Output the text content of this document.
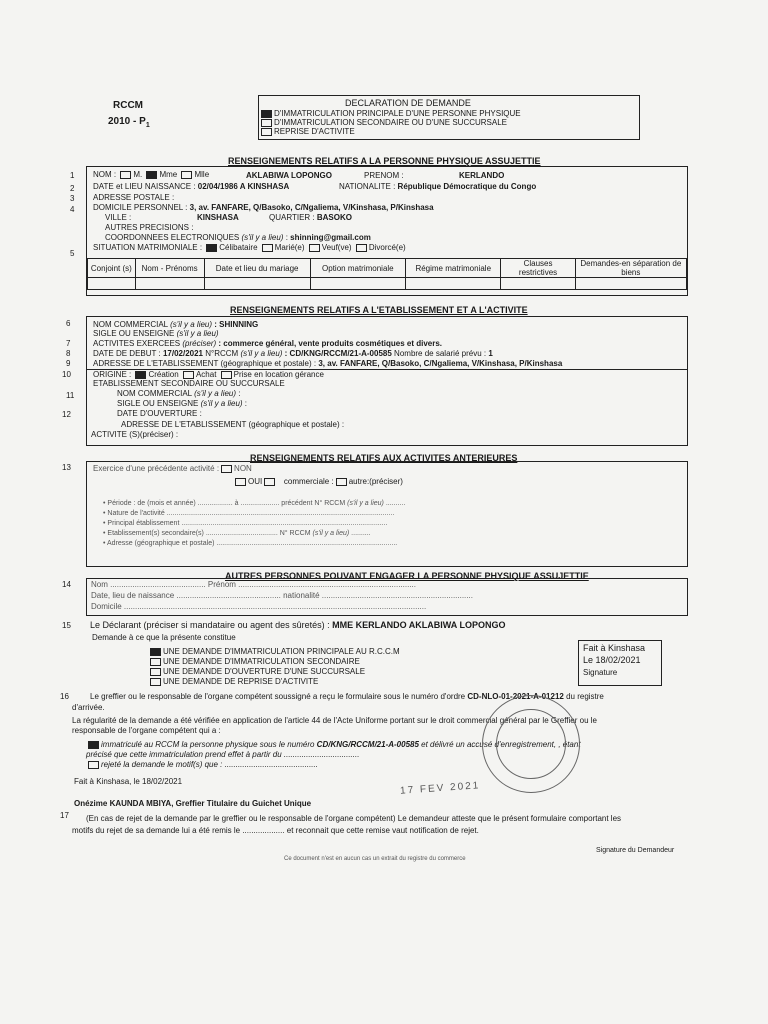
RCCM
$2010 - P_1$
DECLARATION DE DEMANDE
D'IMMATRICULATION PRINCIPALE D'UNE PERSONNE PHYSIQUE
D'IMMATRICULATION SECONDAIRE OU D'UNE SUCCURSALE
REPRISE D'ACTIVITE
RENSEIGNEMENTS RELATIFS A LA PERSONNE PHYSIQUE ASSUJETTIE
1
2
3
4
5
NOM : M. Mme Mlle	AKLABIWA LOPONGO	PRENOM :	KERLANDO
DATE et LIEU NAISSANCE : 02/04/1986 A KINSHASA	NATIONALITE : République Démocratique du Congo
ADRESSE POSTALE :
DOMICILE PERSONNEL : 3, av. FANFARE, Q/Basoko, C/Ngaliema, V/Kinshasa, P/Kinshasa
VILLE :	KINSHASA	QUARTIER : BASOKO
AUTRES PRECISIONS :
COORDONNEES ELECTRONIQUES (s'il y a lieu) : shinning@gmail.com
SITUATION MATRIMONIALE : Célibataire Marié(e) Veuf(ve) Divorcé(e)
Conjoint (s)	Nom - Prénoms	Date et lieu du mariage	Option matrimoniale	Régime matrimoniale	Clauses restrictives	Demandes-en séparation de biens

RENSEIGNEMENTS RELATIFS A L'ETABLISSEMENT ET A L'ACTIVITE
6
7
8
9
10
11
12
NOM COMMERCIAL (s'il y a lieu) : SHINNING
SIGLE OU ENSEIGNE (s'il y a lieu)
ACTIVITES EXERCEES (préciser) : commerce général, vente produits cosmétiques et divers.
DATE DE DEBUT : 17/02/2021 N°RCCM (s'il y a lieu) : CD/KNG/RCCM/21-A-00585 Nombre de salarié prévu : 1
ADRESSE DE L'ETABLISSEMENT (géographique et postale) : 3, av. FANFARE, Q/Basoko, C/Ngaliema, V/Kinshasa, P/Kinshasa
ORIGINE : Création Achat Prise en location gérance
ETABLISSEMENT SECONDAIRE OU SUCCURSALE
NOM COMMERCIAL (s'il y a lieu) :
SIGLE OU ENSEIGNE (s'il y a lieu) :
DATE D'OUVERTURE :
ADRESSE DE L'ETABLISSEMENT (géographique et postale) :
ACTIVITE (S)(préciser) :
RENSEIGNEMENTS RELATIFS AUX ACTIVITES ANTERIEURES
13	Exercice d'une précédente activité : NON
OUI	commerciale : autre:(préciser)
• Période : de (mois et année) .................. à .................... précédent N° RCCM (s'il y a lieu) ..........
• Nature de l'activité .....................................................................................................................
• Principal établissement ..........................................................................................................
• Etablissement(s) secondaire(s) ..................................... N° RCCM (s'il y a lieu) ..........
• Adresse (géographique et postale) .............................................................................................
AUTRES PERSONNES POUVANT ENGAGER LA PERSONNE PHYSIQUE ASSUJETTIE
14	Nom ........................................... Prénom ................................................................................
Date, lieu de naissance ............................................... nationalité ....................................................................
Domicile ........................................................................................................................................
15 Le Déclarant (préciser si mandataire ou agent des sûretés) : MME KERLANDO AKLABIWA LOPONGO
Demande à ce que la présente constitue
UNE DEMANDE D'IMMATRICULATION PRINCIPALE AU R.C.C.M
UNE DEMANDE D'IMMATRICULATION SECONDAIRE
UNE DEMANDE D'OUVERTURE D'UNE SUCCURSALE
UNE DEMANDE DE REPRISE D'ACTIVITE
Fait à Kinshasa
Le 18/02/2021
Signature
16	Le greffier ou le responsable de l'organe compétent soussigné a reçu le formulaire sous le numéro d'ordre CD-NLO-01-2021-A-01212 du registre
d'arrivée.
La régularité de la demande a été vérifiée en application de l'article 44 de l'Acte Uniforme portant sur le droit commercial général par le Greffier ou le
responsable de l'organe compétent qui a :
immatriculé au RCCM la personne physique sous le numéro CD/KNG/RCCM/21-A-00585 et délivré un accusé d'enregistrement, , étant
précisé que cette immatriculation prend effet à partir du ..................................
rejeté la demande le motif(s) que : ..........................................
Fait à Kinshasa, le 18/02/2021
Onézime KAUNDA MBIYA, Greffier Titulaire du Guichet Unique
17 FEV 2021
17 (En cas de rejet de la demande par le greffier ou le responsable de l'organe compétent) Le demandeur atteste que le présent formulaire comportant les
motifs du rejet de sa demande lui a été remis le ................... et reconnait que cette remise vaut notification de rejet.
Signature du Demandeur
Ce document n'est en aucun cas un extrait du registre du commerce
